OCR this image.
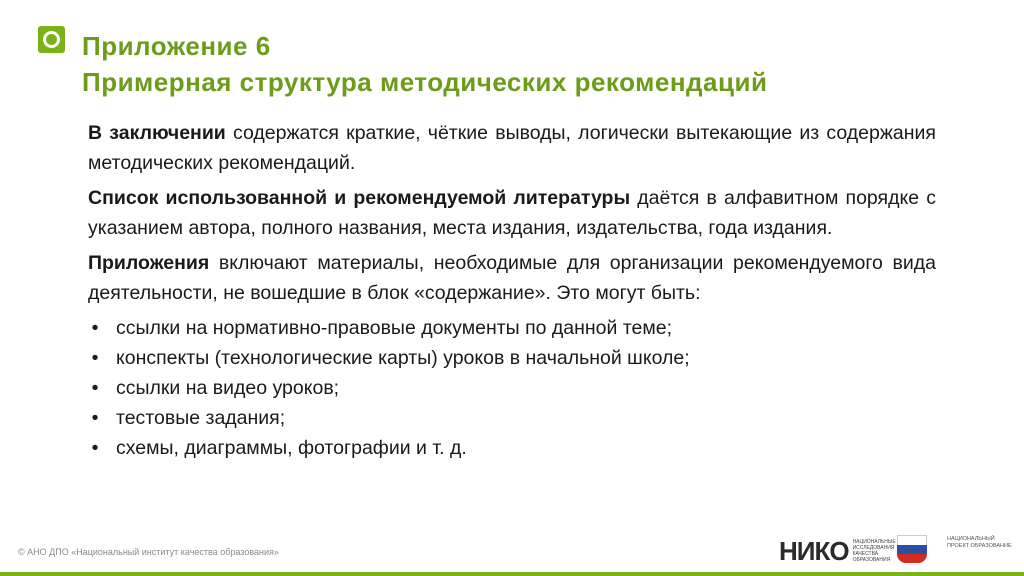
Приложение 6
Примерная структура методических рекомендаций

В заключении содержатся краткие, чёткие выводы, логически вытекающие из содержания методических рекомендаций.

Список использованной и рекомендуемой литературы даётся в алфавитном порядке с указанием автора, полного названия, места издания, издательства, года издания.

Приложения включают материалы, необходимые для организации рекомендуемого вида деятельности, не вошедшие в блок «содержание». Это могут быть:

• ссылки на нормативно-правовые документы по данной теме;
• конспекты (технологические карты) уроков в начальной школе;
• ссылки на видео уроков;
• тестовые задания;
• схемы, диаграммы, фотографии и т. д.
© АНО ДПО «Национальный институт качества образования»	НИКО НАЦИОНАЛЬНЫЕ ИССЛЕДОВАНИЯ КАЧЕСТВА ОБРАЗОВАНИЯ
НАЦИОНАЛЬНЫЙ ПРОЕКТ ОБРАЗОВАНИЕ
